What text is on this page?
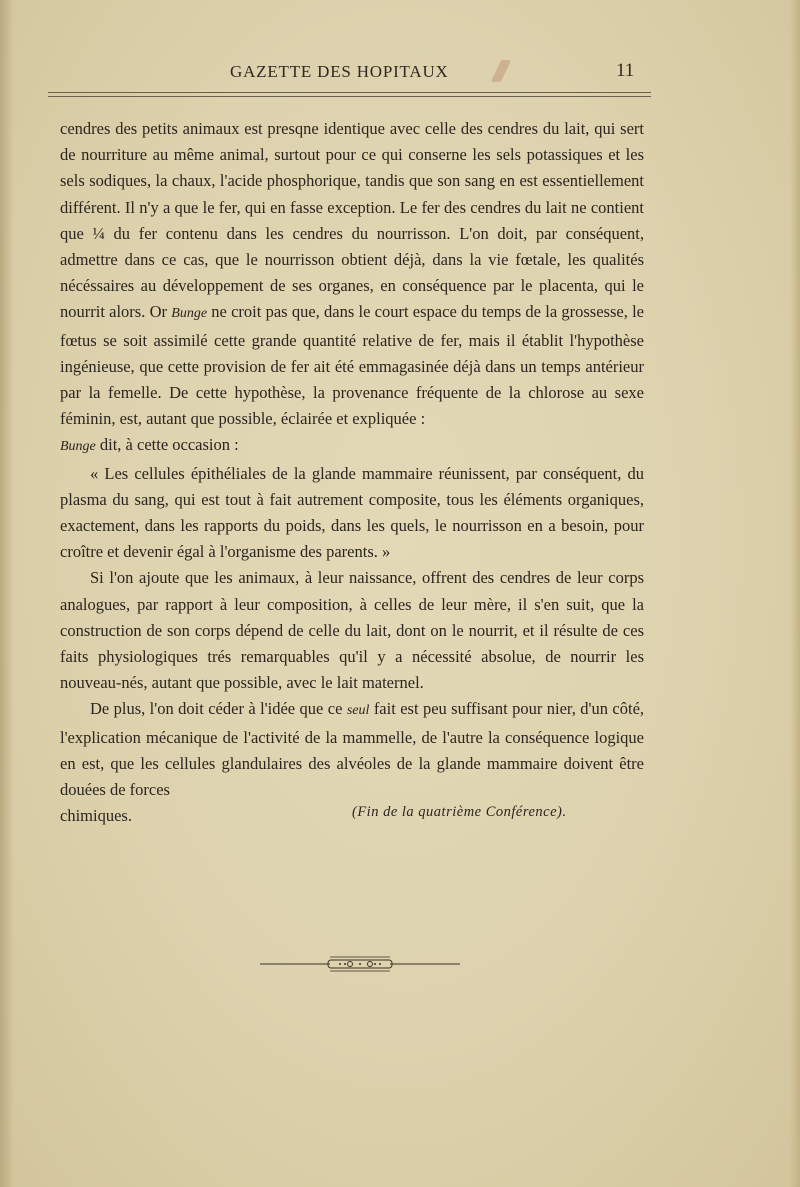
GAZETTE DES HOPITAUX	11

cendres des petits animaux est presqne identique avec celle des cendres du lait, qui sert de nourriture au même animal, surtout pour ce qui conserne les sels potassiques et les sels sodiques, la chaux, l'acide phosphorique, tandis que son sang en est essentiellement différent. Il n'y a que le fer, qui en fasse exception. Le fer des cendres du lait ne contient que ¼ du fer contenu dans les cendres du nourrisson. L'on doit, par conséquent, admettre dans ce cas, que le nourrisson obtient déjà, dans la vie fœtale, les qualités nécéssaires au développement de ses organes, en conséquence par le placenta, qui le nourrit alors. Or Bunge ne croit pas que, dans le court espace du temps de la grossesse, le fœtus se soit assimilé cette grande quantité relative de fer, mais il établit l'hypothèse ingénieuse, que cette provision de fer ait été emmagasinée déjà dans un temps antérieur par la femelle. De cette hypothèse, la provenance fréquente de la chlorose au sexe féminin, est, autant que possible, éclairée et expliquée :
Bunge dit, à cette occasion :

« Les cellules épithéliales de la glande mammaire réunissent, par conséquent, du plasma du sang, qui est tout à fait autrement composite, tous les éléments organiques, exactement, dans les rapports du poids, dans les quels, le nourrisson en a besoin, pour croître et devenir égal à l'organisme des parents. »

Si l'on ajoute que les animaux, à leur naissance, offrent des cendres de leur corps analogues, par rapport à leur composition, à celles de leur mère, il s'en suit, que la construction de son corps dépend de celle du lait, dont on le nourrit, et il résulte de ces faits physiologiques trés remarquables qu'il y a nécessité absolue, de nourrir les nouveau-nés, autant que possible, avec le lait maternel.

De plus, l'on doit céder à l'idée que ce seul fait est peu suffisant pour nier, d'un côté, l'explication mécanique de l'activité de la mammelle, de l'autre la conséquence logique en est, que les cellules glandulaires des alvéoles de la glande mammaire doivent être douées de forces

chimiques.	(Fin de la quatrième Conférence).
